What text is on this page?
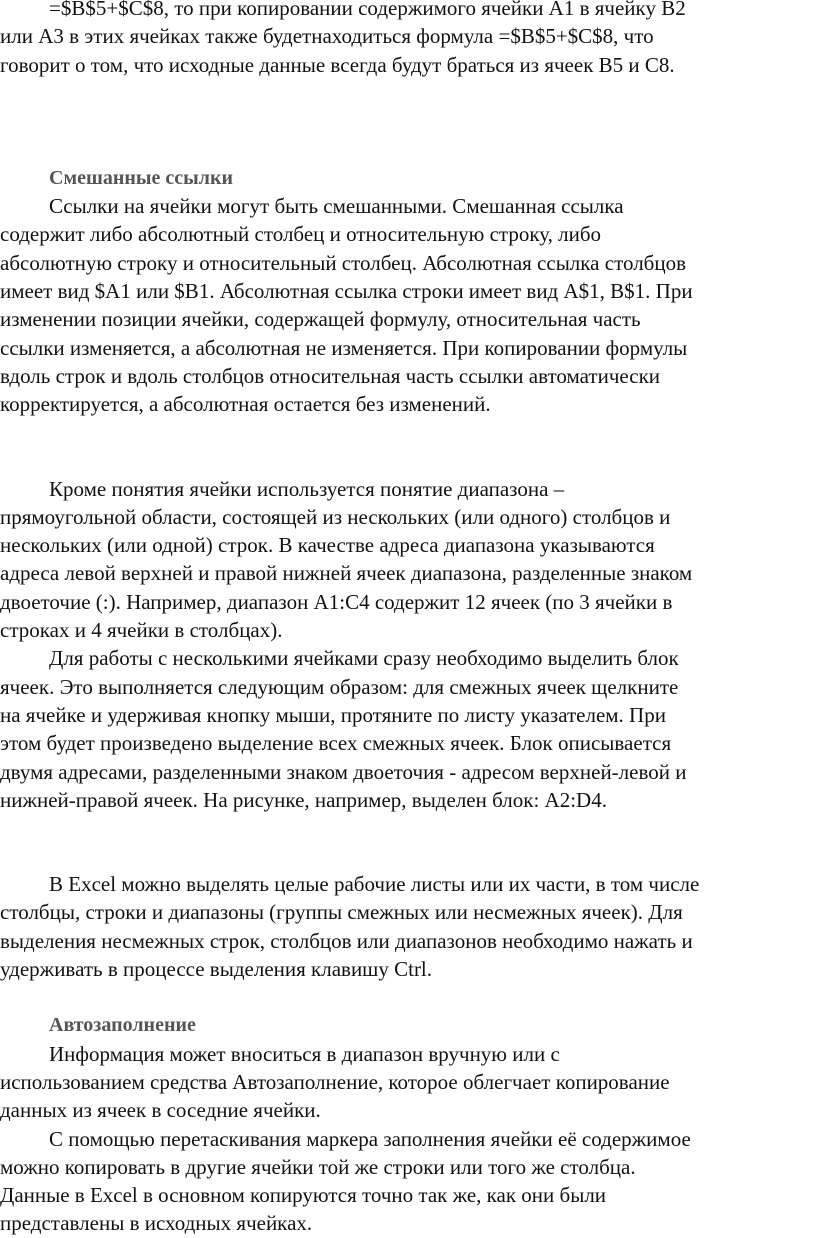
=$B$5+$C$8, то при копировании содержимого ячейки A1 в ячейку B2
или A3 в этих ячейках также будетнаходиться формула =$B$5+$C$8, что
говорит о том, что исходные данные всегда будут браться из ячеек B5 и C8.
Смешанные ссылки
Ссылки на ячейки могут быть смешанными. Смешанная ссылка
содержит либо абсолютный столбец и относительную строку, либо
абсолютную строку и относительный столбец. Абсолютная ссылка столбцов
имеет вид $A1 или $B1. Абсолютная ссылка строки имеет вид A$1, B$1. При
изменении позиции ячейки, содержащей формулу, относительная часть
ссылки изменяется, а абсолютная не изменяется. При копировании формулы
вдоль строк и вдоль столбцов относительная часть ссылки автоматически
корректируется, а абсолютная остается без изменений.
Кроме понятия ячейки используется понятие диапазона –
прямоугольной области, состоящей из нескольких (или одного) столбцов и
нескольких (или одной) строк. В качестве адреса диапазона указываются
адреса левой верхней и правой нижней ячеек диапазона, разделенные знаком
двоеточие (:). Например, диапазон A1:C4 содержит 12 ячеек (по 3 ячейки в
строках и 4 ячейки в столбцах).
Для работы с несколькими ячейками сразу необходимо выделить блок
ячеек. Это выполняется следующим образом: для смежных ячеек щелкните
на ячейке и удерживая кнопку мыши, протяните по листу указателем. При
этом будет произведено выделение всех смежных ячеек. Блок описывается
двумя адресами, разделенными знаком двоеточия - адресом верхней-левой и
нижней-правой ячеек. На рисунке, например, выделен блок: A2:D4.
В Excel можно выделять целые рабочие листы или их части, в том числе
столбцы, строки и диапазоны (группы смежных или несмежных ячеек). Для
выделения несмежных строк, столбцов или диапазонов необходимо нажать и
удерживать в процессе выделения клавишу Ctrl.
Автозаполнение
Информация может вноситься в диапазон вручную или с
использованием средства Автозаполнение, которое облегчает копирование
данных из ячеек в соседние ячейки.
С помощью перетаскивания маркера заполнения ячейки её содержимое
можно копировать в другие ячейки той же строки или того же столбца.
Данные в Excel в основном копируются точно так же, как они были
представлены в исходных ячейках.
